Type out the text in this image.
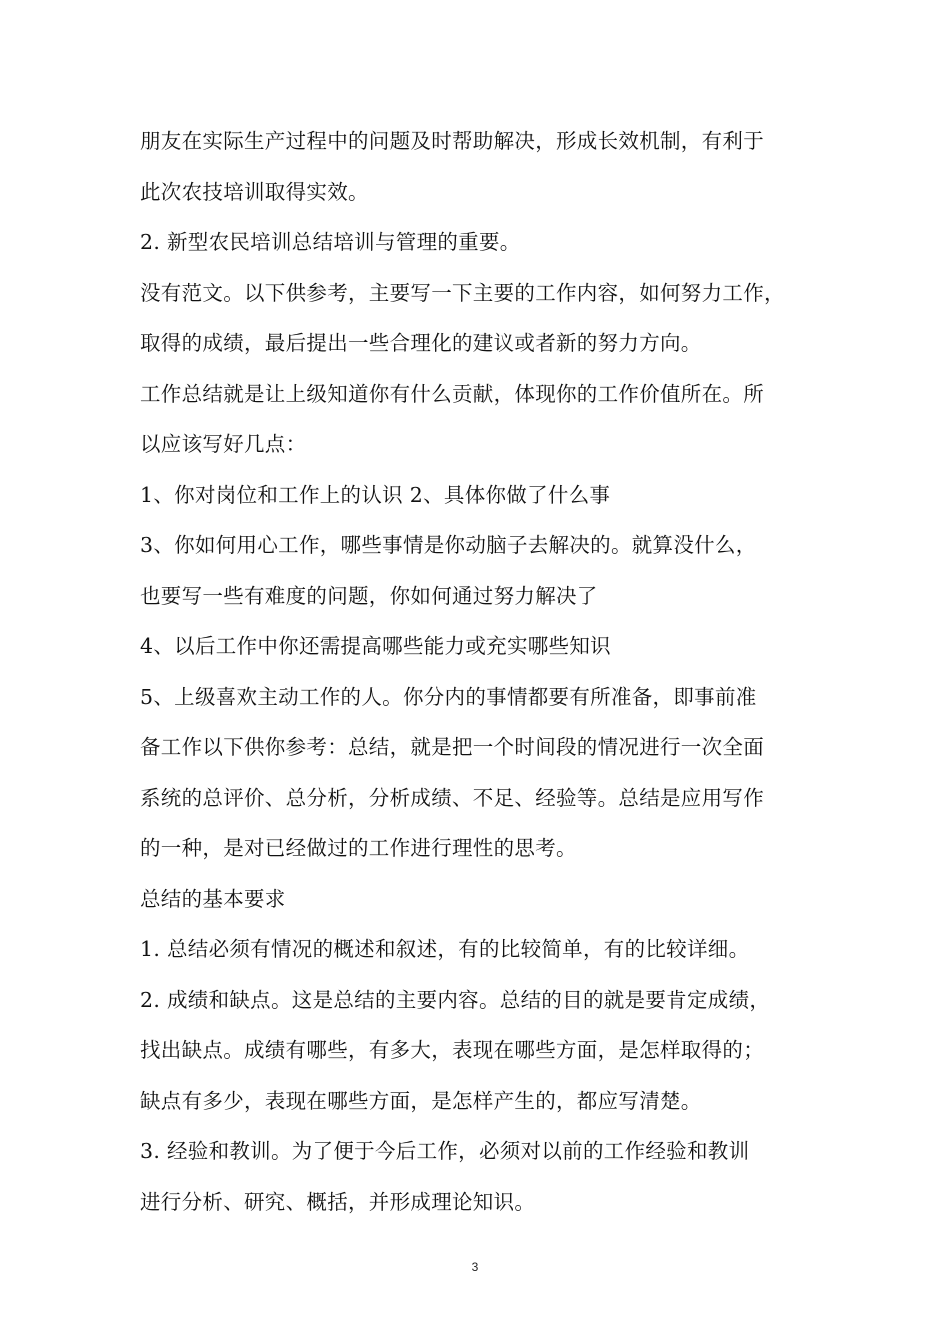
朋友在实际生产过程中的问题及时帮助解决，形成长效机制，有利于
此次农技培训取得实效。
2. 新型农民培训总结培训与管理的重要。
没有范文。以下供参考，主要写一下主要的工作内容，如何努力工作，
取得的成绩，最后提出一些合理化的建议或者新的努力方向。
工作总结就是让上级知道你有什么贡献，体现你的工作价值所在。所
以应该写好几点：
1、你对岗位和工作上的认识 2、具体你做了什么事
3、你如何用心工作，哪些事情是你动脑子去解决的。就算没什么，
也要写一些有难度的问题，你如何通过努力解决了
4、以后工作中你还需提高哪些能力或充实哪些知识
5、上级喜欢主动工作的人。你分内的事情都要有所准备，即事前准
备工作以下供你参考：总结，就是把一个时间段的情况进行一次全面
系统的总评价、总分析，分析成绩、不足、经验等。总结是应用写作
的一种，是对已经做过的工作进行理性的思考。
总结的基本要求
1. 总结必须有情况的概述和叙述，有的比较简单，有的比较详细。
2. 成绩和缺点。这是总结的主要内容。总结的目的就是要肯定成绩，
找出缺点。成绩有哪些，有多大，表现在哪些方面，是怎样取得的；
缺点有多少，表现在哪些方面，是怎样产生的，都应写清楚。
3. 经验和教训。为了便于今后工作，必须对以前的工作经验和教训
进行分析、研究、概括，并形成理论知识。
3
